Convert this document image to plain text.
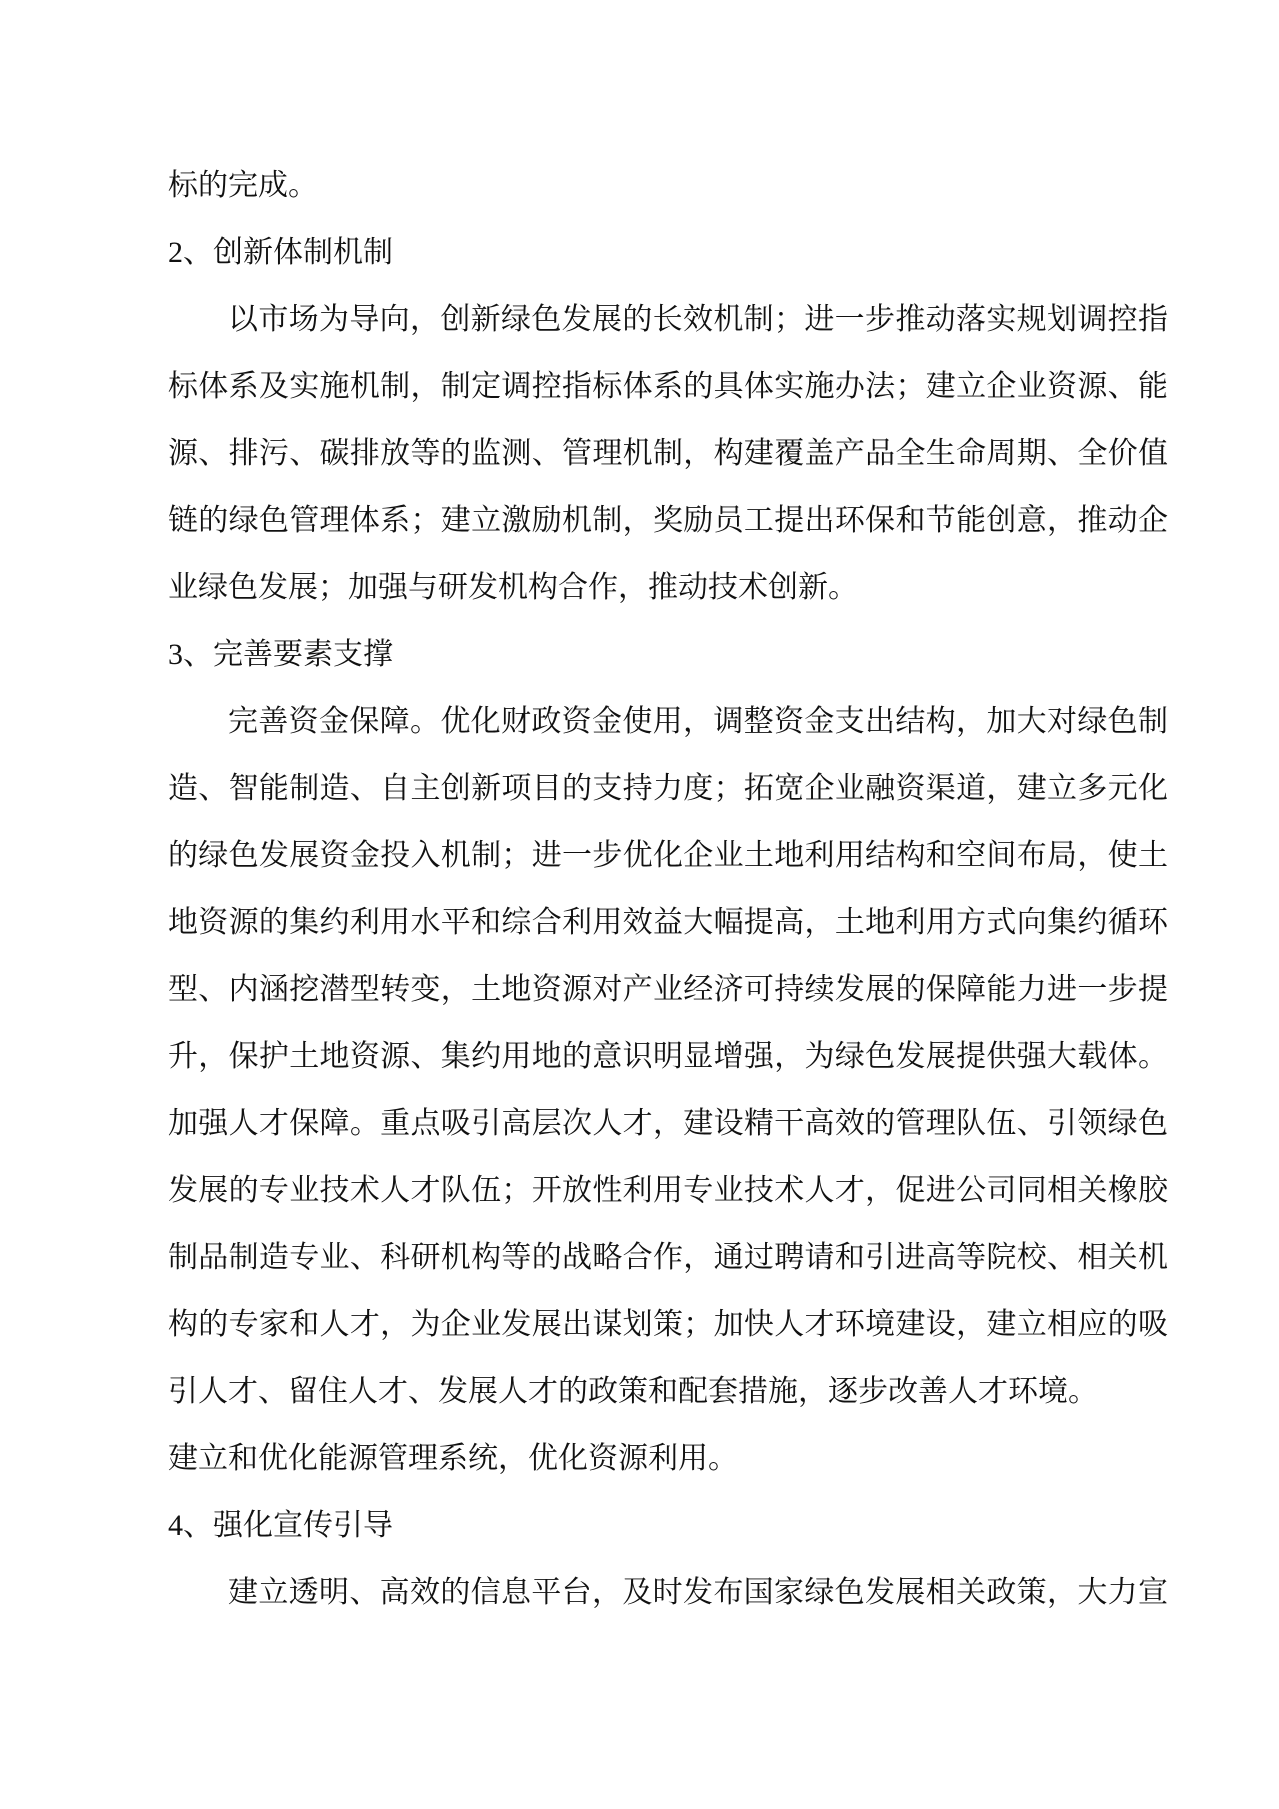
标的完成。
2、创新体制机制
以市场为导向，创新绿色发展的长效机制；进一步推动落实规划调控指
标体系及实施机制，制定调控指标体系的具体实施办法；建立企业资源、能
源、排污、碳排放等的监测、管理机制，构建覆盖产品全生命周期、全价值
链的绿色管理体系；建立激励机制，奖励员工提出环保和节能创意，推动企
业绿色发展；加强与研发机构合作，推动技术创新。
3、完善要素支撑
完善资金保障。优化财政资金使用，调整资金支出结构，加大对绿色制
造、智能制造、自主创新项目的支持力度；拓宽企业融资渠道，建立多元化
的绿色发展资金投入机制；进一步优化企业土地利用结构和空间布局，使土
地资源的集约利用水平和综合利用效益大幅提高，土地利用方式向集约循环
型、内涵挖潜型转变，土地资源对产业经济可持续发展的保障能力进一步提
升，保护土地资源、集约用地的意识明显增强，为绿色发展提供强大载体。
加强人才保障。重点吸引高层次人才，建设精干高效的管理队伍、引领绿色
发展的专业技术人才队伍；开放性利用专业技术人才，促进公司同相关橡胶
制品制造专业、科研机构等的战略合作，通过聘请和引进高等院校、相关机
构的专家和人才，为企业发展出谋划策；加快人才环境建设，建立相应的吸
引人才、留住人才、发展人才的政策和配套措施，逐步改善人才环境。
建立和优化能源管理系统，优化资源利用。
4、强化宣传引导
建立透明、高效的信息平台，及时发布国家绿色发展相关政策，大力宣
